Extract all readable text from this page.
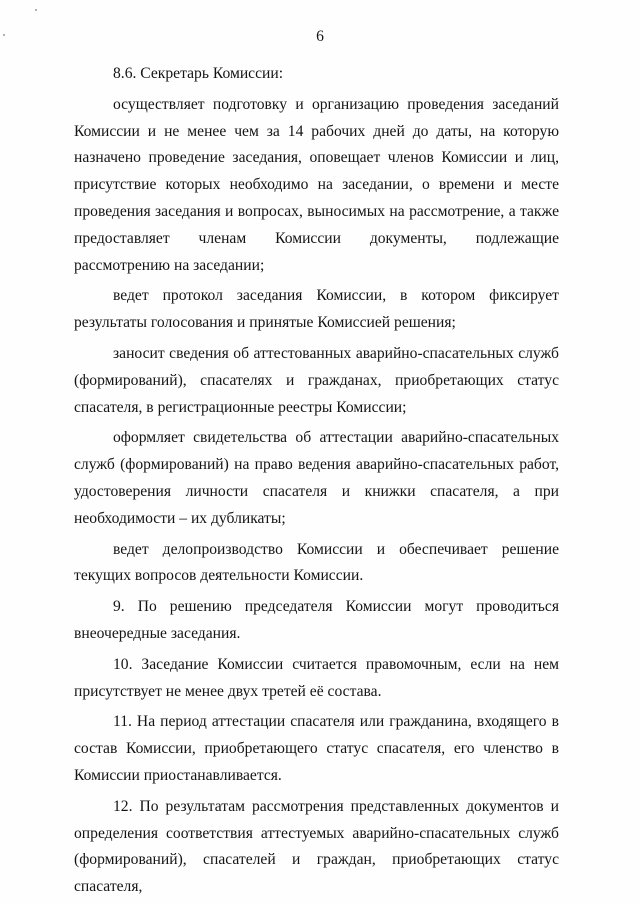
6

8.6. Секретарь Комиссии:

осуществляет подготовку и организацию проведения заседаний Комиссии и не менее чем за 14 рабочих дней до даты, на которую назначено проведение заседания, оповещает членов Комиссии и лиц, присутствие которых необходимо на заседании, о времени и месте проведения заседания и вопросах, выносимых на рассмотрение, а также предоставляет членам Комиссии документы, подлежащие рассмотрению на заседании;

ведет протокол заседания Комиссии, в котором фиксирует результаты голосования и принятые Комиссией решения;

заносит сведения об аттестованных аварийно-спасательных служб (формирований), спасателях и гражданах, приобретающих статус спасателя, в регистрационные реестры Комиссии;

оформляет свидетельства об аттестации аварийно-спасательных служб (формирований) на право ведения аварийно-спасательных работ, удостоверения личности спасателя и книжки спасателя, а при необходимости – их дубликаты;

ведет делопроизводство Комиссии и обеспечивает решение текущих вопросов деятельности Комиссии.

9. По решению председателя Комиссии могут проводиться внеочередные заседания.

10. Заседание Комиссии считается правомочным, если на нем присутствует не менее двух третей её состава.

11. На период аттестации спасателя или гражданина, входящего в состав Комиссии, приобретающего статус спасателя, его членство в Комиссии приостанавливается.

12. По результатам рассмотрения представленных документов и определения соответствия аттестуемых аварийно-спасательных служб (формирований), спасателей и граждан, приобретающих статус спасателя,
